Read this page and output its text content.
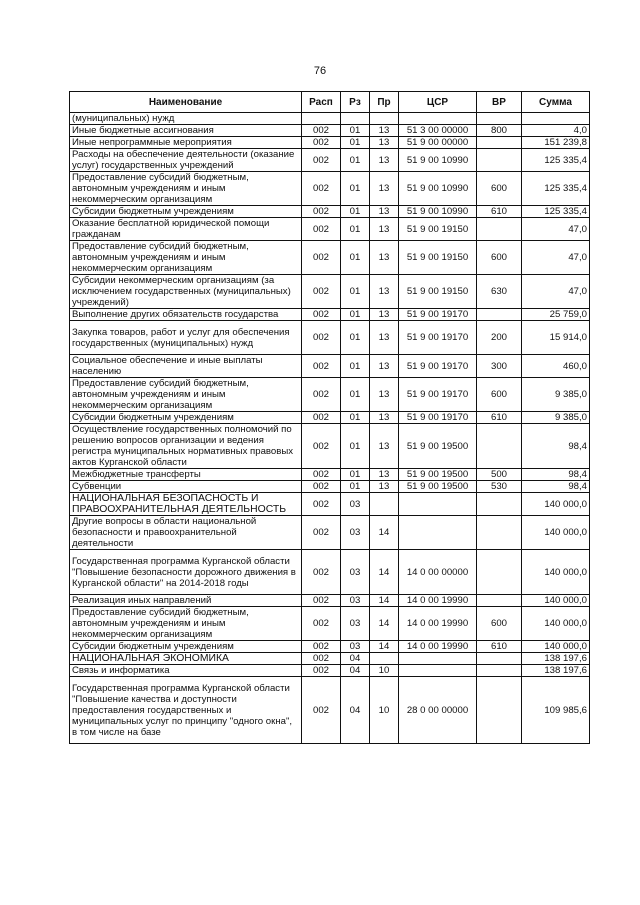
76
Наименование	Расп	Рз	Пр	ЦСР	ВР	Сумма
(муниципальных) нужд						
Иные бюджетные ассигнования	002	01	13	51 3 00 00000	800	4,0
Иные непрограммные мероприятия	002	01	13	51 9 00 00000		151 239,8
Расходы на обеспечение деятельности (оказание услуг) государственных учреждений	002	01	13	51 9 00 10990		125 335,4
Предоставление субсидий бюджетным, автономным учреждениям и иным некоммерческим организациям	002	01	13	51 9 00 10990	600	125 335,4
Субсидии бюджетным учреждениям	002	01	13	51 9 00 10990	610	125 335,4
Оказание бесплатной юридической помощи гражданам	002	01	13	51 9 00 19150		47,0
Предоставление субсидий бюджетным, автономным учреждениям и иным некоммерческим организациям	002	01	13	51 9 00 19150	600	47,0
Субсидии некоммерческим организациям (за исключением государственных (муниципальных) учреждений)	002	01	13	51 9 00 19150	630	47,0
Выполнение других обязательств государства	002	01	13	51 9 00 19170		25 759,0
Закупка товаров, работ и услуг для обеспечения государственных (муниципальных) нужд	002	01	13	51 9 00 19170	200	15 914,0
Социальное обеспечение и иные выплаты населению	002	01	13	51 9 00 19170	300	460,0
Предоставление субсидий бюджетным, автономным учреждениям и иным некоммерческим организациям	002	01	13	51 9 00 19170	600	9 385,0
Субсидии бюджетным учреждениям	002	01	13	51 9 00 19170	610	9 385,0
Осуществление государственных полномочий по решению вопросов организации и ведения регистра муниципальных нормативных правовых актов Курганской области	002	01	13	51 9 00 19500		98,4
Межбюджетные трансферты	002	01	13	51 9 00 19500	500	98,4
Субвенции	002	01	13	51 9 00 19500	530	98,4
НАЦИОНАЛЬНАЯ БЕЗОПАСНОСТЬ И ПРАВООХРАНИТЕЛЬНАЯ ДЕЯТЕЛЬНОСТЬ	002	03				140 000,0
Другие вопросы в области национальной безопасности и правоохранительной деятельности	002	03	14			140 000,0
Государственная программа Курганской области "Повышение безопасности дорожного движения в Курганской области" на 2014-2018 годы	002	03	14	14 0 00 00000		140 000,0
Реализация иных направлений	002	03	14	14 0 00 19990		140 000,0
Предоставление субсидий бюджетным, автономным учреждениям и иным некоммерческим организациям	002	03	14	14 0 00 19990	600	140 000,0
Субсидии бюджетным учреждениям	002	03	14	14 0 00 19990	610	140 000,0
НАЦИОНАЛЬНАЯ ЭКОНОМИКА	002	04				138 197,6
Связь и информатика	002	04	10			138 197,6
Государственная программа Курганской области "Повышение качества и доступности предоставления государственных и муниципальных услуг по принципу "одного окна", в том числе на базе	002	04	10	28 0 00 00000		109 985,6
